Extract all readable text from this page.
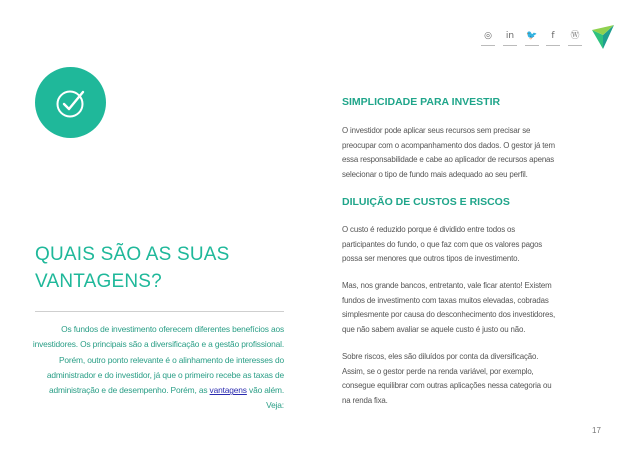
◎	in	🐦	f	Ⓦ
QUAIS SÃO AS SUAS
VANTAGENS?
Os fundos de investimento oferecem diferentes benefícios aos investidores. Os principais são a diversificação e a gestão profissional. Porém, outro ponto relevante é o alinhamento de interesses do administrador e do investidor, já que o primeiro recebe as taxas de administração e de desempenho. Porém, as vantagens vão além. Veja:
SIMPLICIDADE PARA INVESTIR
O investidor pode aplicar seus recursos sem precisar se
preocupar com o acompanhamento dos dados. O gestor já tem
essa responsabilidade e cabe ao aplicador de recursos apenas
selecionar o tipo de fundo mais adequado ao seu perfil.
DILUIÇÃO DE CUSTOS E RISCOS
O custo é reduzido porque é dividido entre todos os
participantes do fundo, o que faz com que os valores pagos
possa ser menores que outros tipos de investimento.
Mas, nos grande bancos, entretanto, vale ficar atento! Existem
fundos de investimento com taxas muitos elevadas, cobradas
simplesmente por causa do desconhecimento dos investidores,
que não sabem avaliar se aquele custo é justo ou não.
Sobre riscos, eles são diluídos por conta da diversificação.
Assim, se o gestor perde na renda variável, por exemplo,
consegue equilibrar com outras aplicações nessa categoria ou
na renda fixa.
17
